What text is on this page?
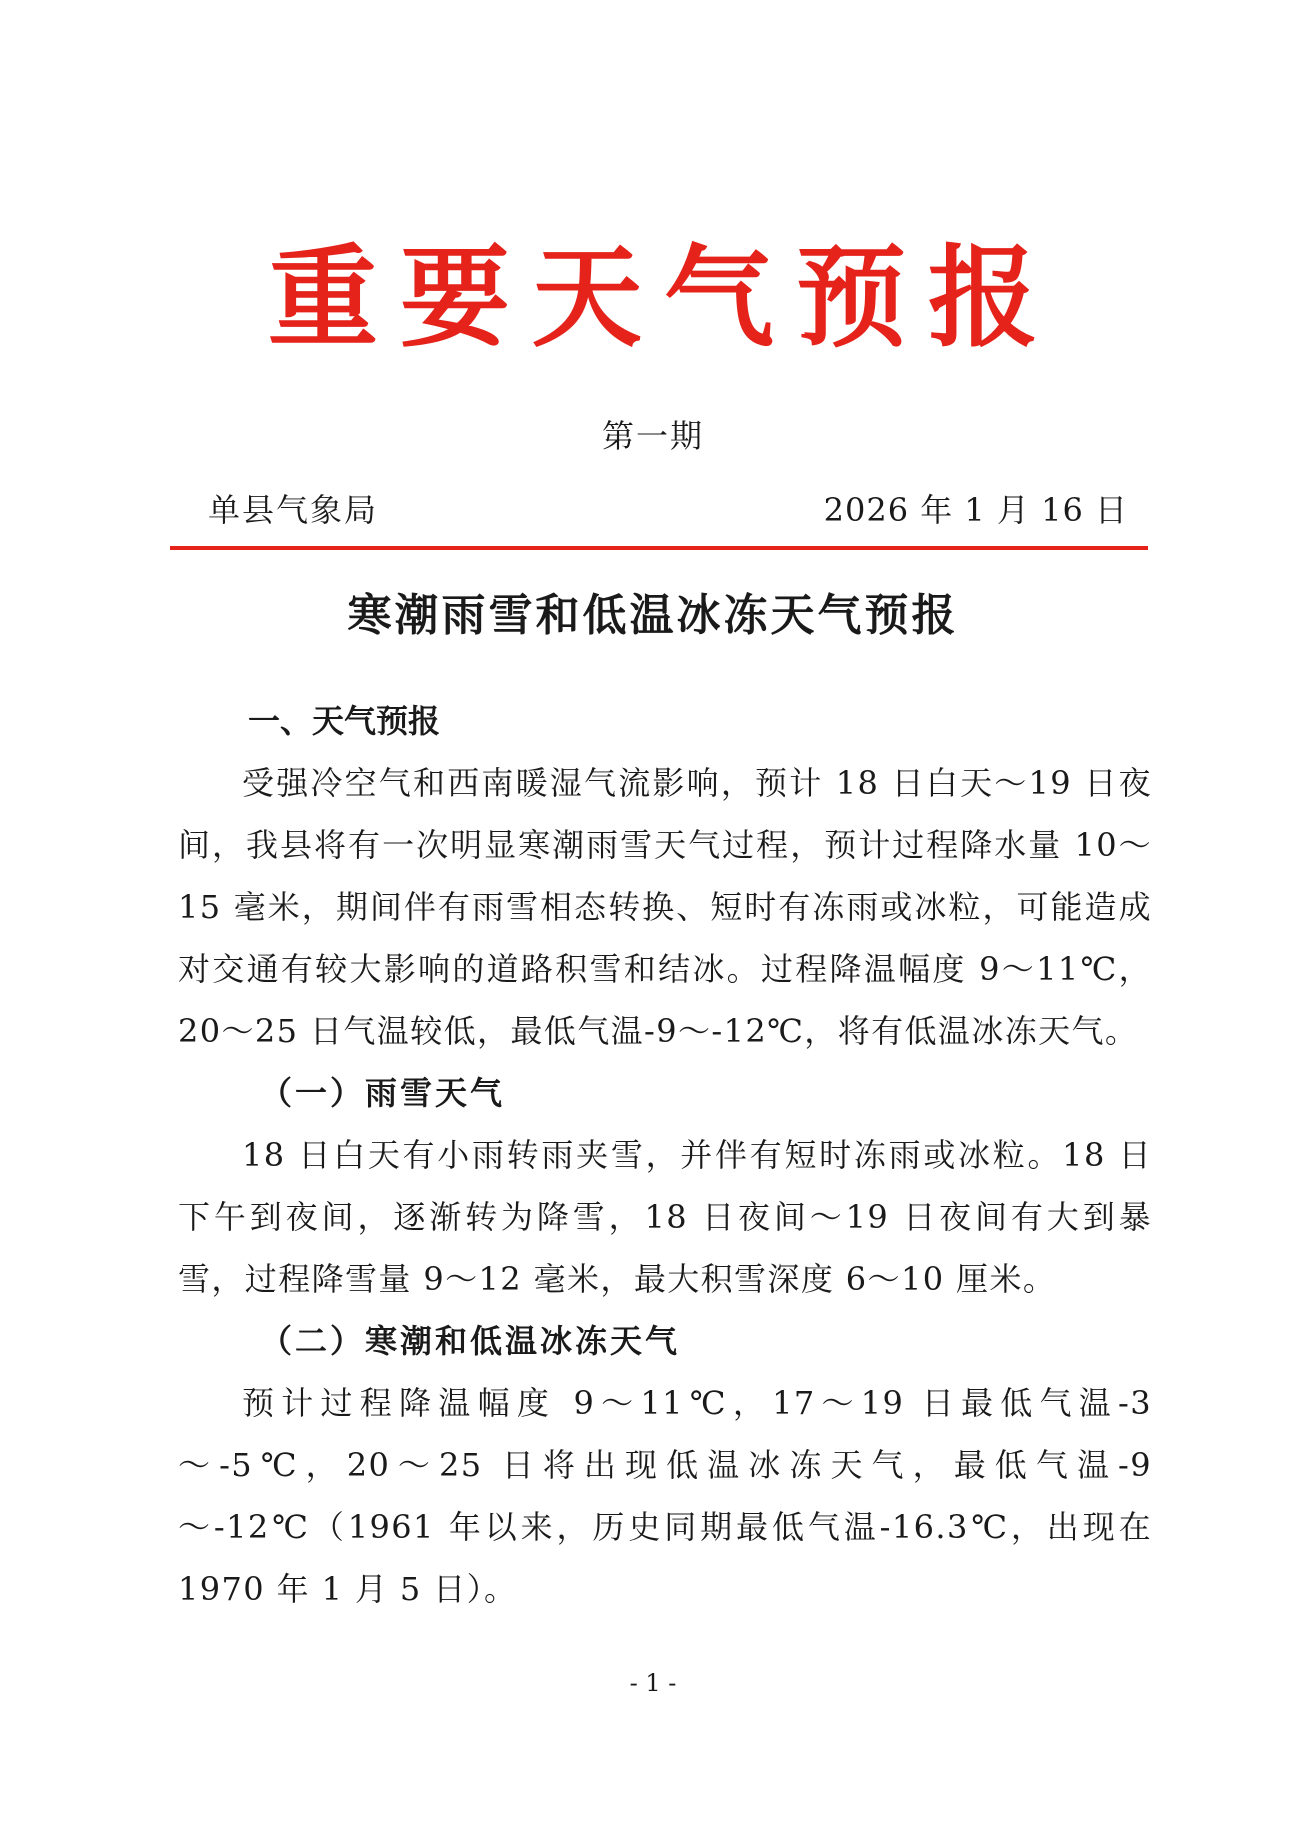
重要天气预报
第一期
单县气象局	2026 年 1 月 16 日
寒潮雨雪和低温冰冻天气预报
一、天气预报

受强冷空气和西南暖湿气流影响，预计 18 日白天～19 日夜间，我县将有一次明显寒潮雨雪天气过程，预计过程降水量 10～15 毫米，期间伴有雨雪相态转换、短时有冻雨或冰粒，可能造成对交通有较大影响的道路积雪和结冰。过程降温幅度 9～11℃，20～25 日气温较低，最低气温-9～-12℃，将有低温冰冻天气。

（一）雨雪天气

18 日白天有小雨转雨夹雪，并伴有短时冻雨或冰粒。18 日下午到夜间，逐渐转为降雪，18 日夜间～19 日夜间有大到暴雪，过程降雪量 9～12 毫米，最大积雪深度 6～10 厘米。

（二）寒潮和低温冰冻天气

预计过程降温幅度 9～11℃，17～19 日最低气温-3～-5℃，20～25 日将出现低温冰冻天气，最低气温-9～-12℃（1961 年以来，历史同期最低气温-16.3℃，出现在 1970 年 1 月 5 日）。

- 1 -
